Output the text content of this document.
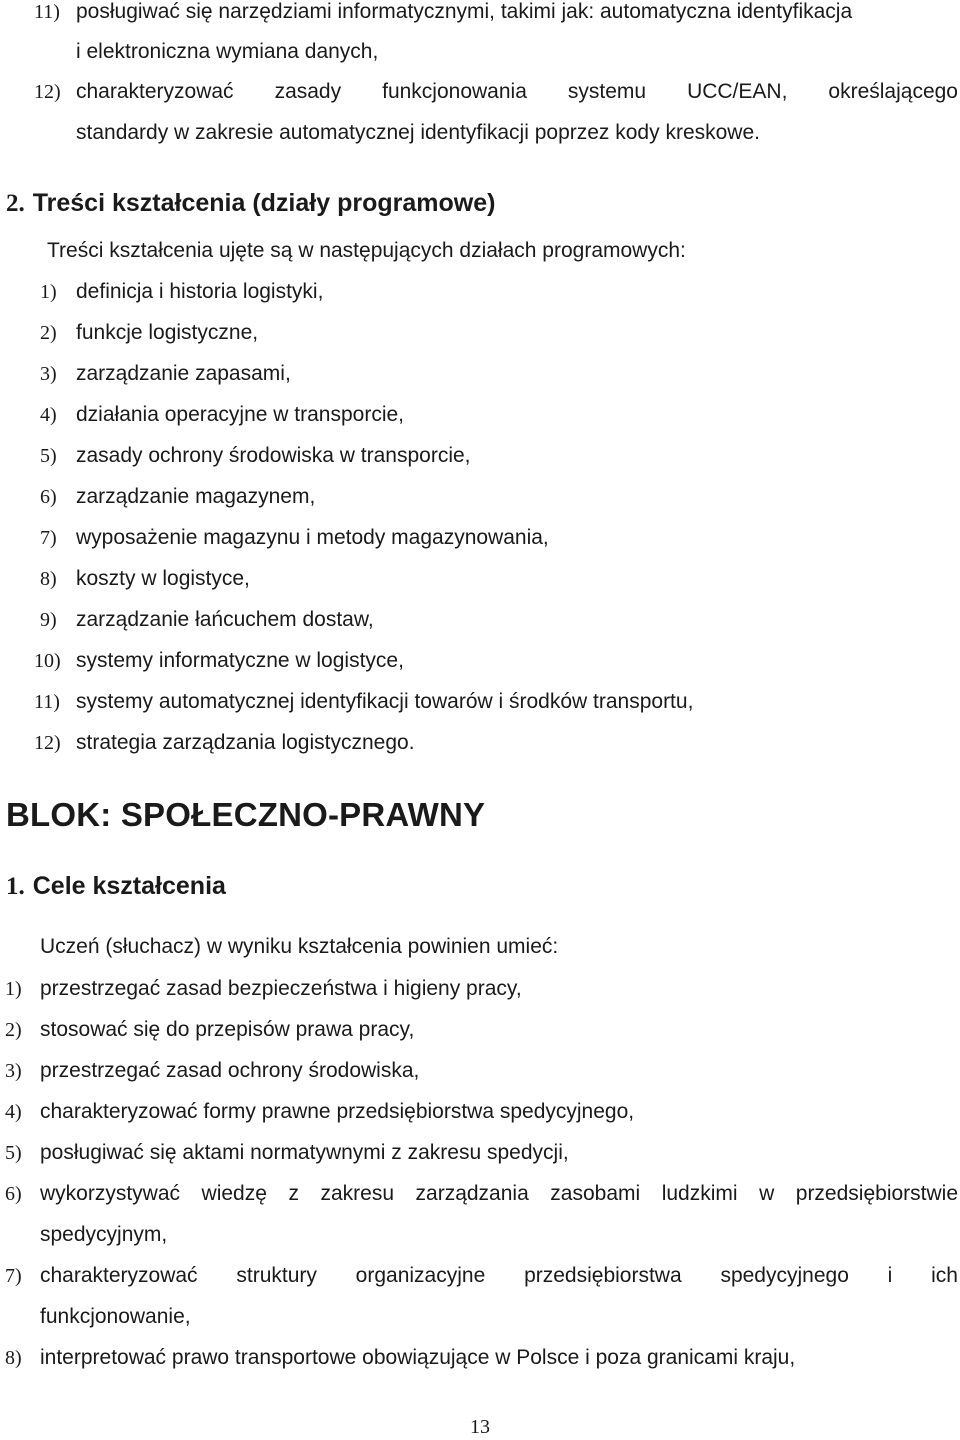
11) posługiwać się narzędziami informatycznymi, takimi jak: automatyczna identyfikacja
i elektroniczna wymiana danych,
12) charakteryzować zasady funkcjonowania systemu UCC/EAN, określającego
standardy w zakresie automatycznej identyfikacji poprzez kody kreskowe.
2. Treści kształcenia (działy programowe)
Treści kształcenia ujęte są w następujących działach programowych:
1) definicja i historia logistyki,
2) funkcje logistyczne,
3) zarządzanie zapasami,
4) działania operacyjne w transporcie,
5) zasady ochrony środowiska w transporcie,
6) zarządzanie magazynem,
7) wyposażenie magazynu i metody magazynowania,
8) koszty w logistyce,
9) zarządzanie łańcuchem dostaw,
10) systemy informatyczne w logistyce,
11) systemy automatycznej identyfikacji towarów i środków transportu,
12) strategia zarządzania logistycznego.
BLOK: SPOŁECZNO-PRAWNY
1. Cele kształcenia
Uczeń (słuchacz) w wyniku kształcenia powinien umieć:
1) przestrzegać zasad bezpieczeństwa i higieny pracy,
2) stosować się do przepisów prawa pracy,
3) przestrzegać zasad ochrony środowiska,
4) charakteryzować formy prawne przedsiębiorstwa spedycyjnego,
5) posługiwać się aktami normatywnymi z zakresu spedycji,
6) wykorzystywać wiedzę z zakresu zarządzania zasobami ludzkimi w przedsiębiorstwie
spedycyjnym,
7) charakteryzować struktury organizacyjne przedsiębiorstwa spedycyjnego i ich
funkcjonowanie,
8) interpretować prawo transportowe obowiązujące w Polsce i poza granicami kraju,
13
